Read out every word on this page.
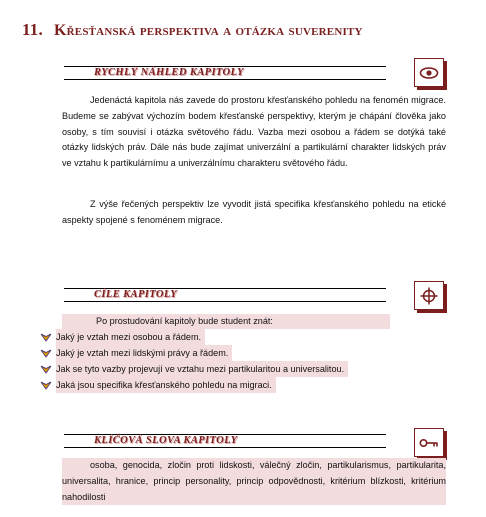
11. Křesťanská perspektiva a otázka suverenity
RYCHLÝ NÁHLED KAPITOLY
Jedenáctá kapitola nás zavede do prostoru křesťanského pohledu na fenomén migrace. Budeme se zabývat výchozím bodem křesťanské perspektivy, kterým je chápání člověka jako osoby, s tím souvisí i otázka světového řádu. Vazba mezi osobou a řádem se dotýká také otázky lidských práv. Dále nás bude zajímat univerzální a partikulární charakter lidských práv ve vztahu k partikulárnímu a univerzálnímu charakteru světového řádu.
Z výše řečených perspektiv lze vyvodit jistá specifika křesťanského pohledu na etické aspekty spojené s fenoménem migrace.
CÍLE KAPITOLY
Po prostudování kapitoly bude student znát:
Jaký je vztah mezi osobou a řádem.
Jaký je vztah mezi lidskými právy a řádem.
Jak se tyto vazby projevují ve vztahu mezi partikularitou a universalitou.
Jaká jsou specifika křesťanského pohledu na migraci.
KLÍČOVÁ SLOVA KAPITOLY
osoba, genocida, zločin proti lidskosti, válečný zločin, partikularismus, partikularita, universalita, hranice, princip personality, princip odpovědnosti, kritérium blízkosti, kritérium nahodilosti
